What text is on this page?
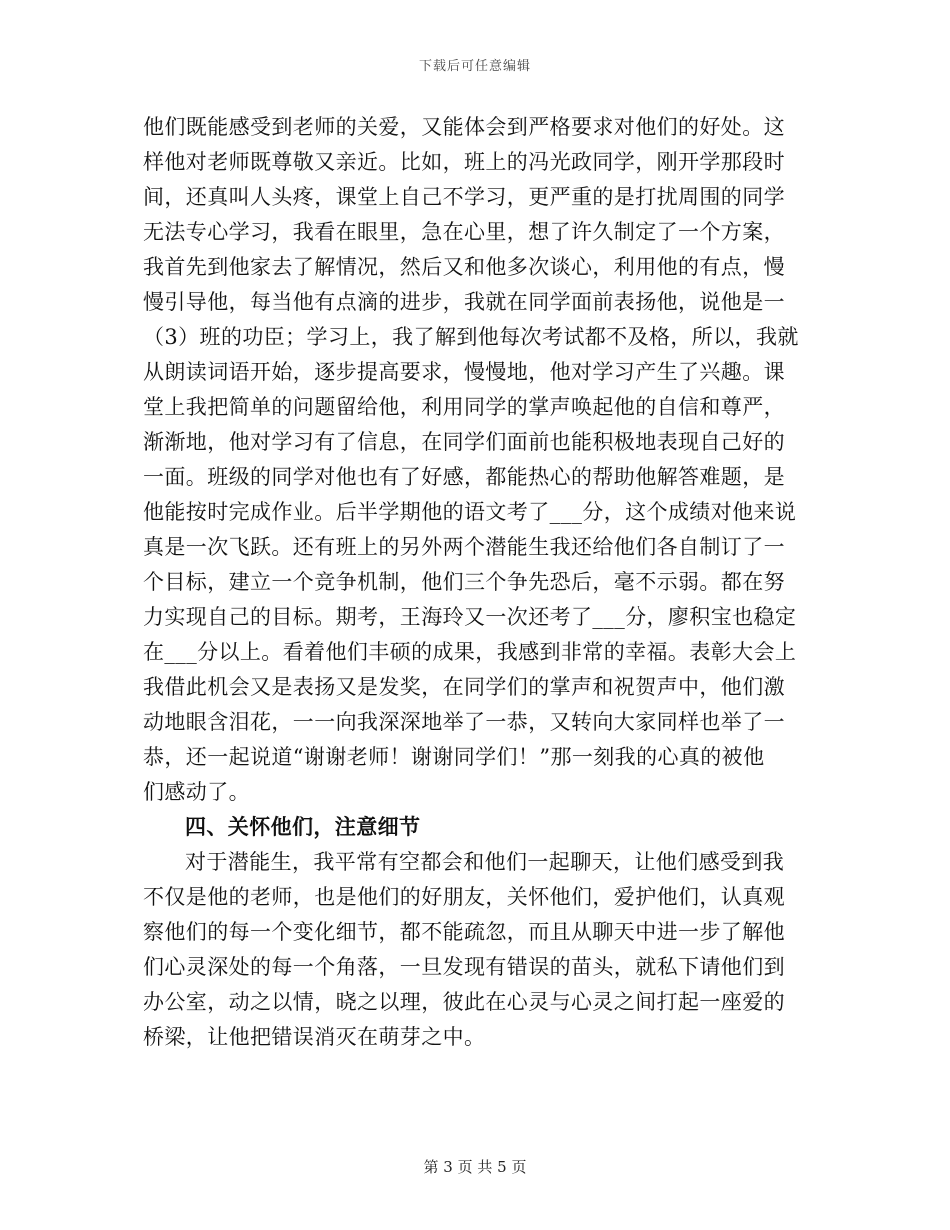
下载后可任意编辑
他们既能感受到老师的关爱，又能体会到严格要求对他们的好处。这
样他对老师既尊敬又亲近。比如，班上的冯光政同学，刚开学那段时
间，还真叫人头疼，课堂上自己不学习，更严重的是打扰周围的同学
无法专心学习，我看在眼里，急在心里，想了许久制定了一个方案，
我首先到他家去了解情况，然后又和他多次谈心，利用他的有点，慢
慢引导他，每当他有点滴的进步，我就在同学面前表扬他，说他是一
（3）班的功臣；学习上，我了解到他每次考试都不及格，所以，我就
从朗读词语开始，逐步提高要求，慢慢地，他对学习产生了兴趣。课
堂上我把简单的问题留给他，利用同学的掌声唤起他的自信和尊严，
渐渐地，他对学习有了信息，在同学们面前也能积极地表现自己好的
一面。班级的同学对他也有了好感，都能热心的帮助他解答难题，是
他能按时完成作业。后半学期他的语文考了___分，这个成绩对他来说
真是一次飞跃。还有班上的另外两个潜能生我还给他们各自制订了一
个目标，建立一个竞争机制，他们三个争先恐后，毫不示弱。都在努
力实现自己的目标。期考，王海玲又一次还考了___分，廖积宝也稳定
在___分以上。看着他们丰硕的成果，我感到非常的幸福。表彰大会上
我借此机会又是表扬又是发奖，在同学们的掌声和祝贺声中，他们激
动地眼含泪花，一一向我深深地举了一恭，又转向大家同样也举了一
恭，还一起说道“谢谢老师！谢谢同学们！”那一刻我的心真的被他
们感动了。
四、关怀他们，注意细节
对于潜能生，我平常有空都会和他们一起聊天，让他们感受到我
不仅是他的老师，也是他们的好朋友，关怀他们，爱护他们，认真观
察他们的每一个变化细节，都不能疏忽，而且从聊天中进一步了解他
们心灵深处的每一个角落，一旦发现有错误的苗头，就私下请他们到
办公室，动之以情，晓之以理，彼此在心灵与心灵之间打起一座爱的
桥梁，让他把错误消灭在萌芽之中。
第 3 页 共 5 页
